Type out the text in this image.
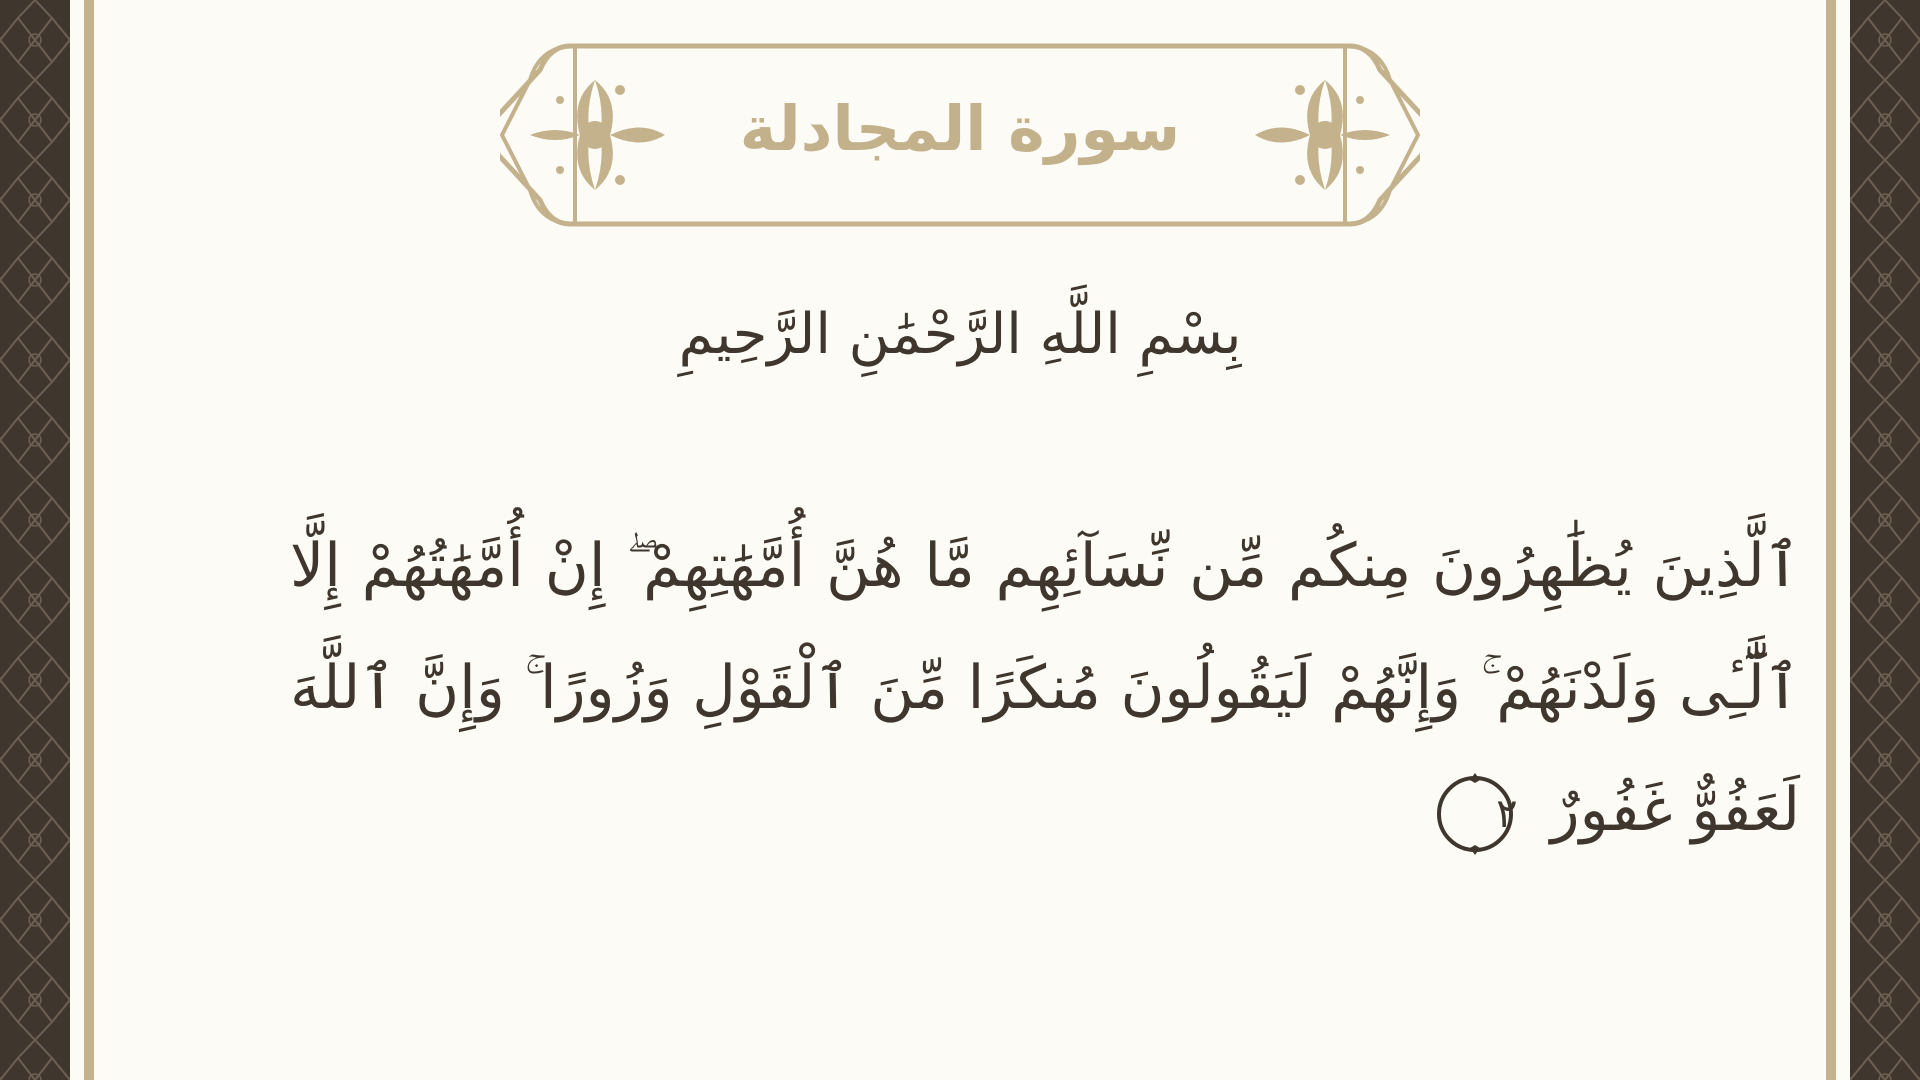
سورة المجادلة
بِسْمِ اللَّهِ الرَّحْمَٰنِ الرَّحِيمِ
ٱلَّذِينَ يُظَٰهِرُونَ مِنكُم مِّن نِّسَآئِهِم مَّا هُنَّ أُمَّهَٰتِهِمْ ۖ إِنْ أُمَّهَٰتُهُمْ إِلَّا ٱلَّٰٓـِٔى وَلَدْنَهُمْ ۚ وَإِنَّهُمْ لَيَقُولُونَ مُنكَرًا مِّنَ ٱلْقَوْلِ وَزُورًا ۚ وَإِنَّ ٱللَّهَ لَعَفُوٌّ غَفُورٌ
٢
